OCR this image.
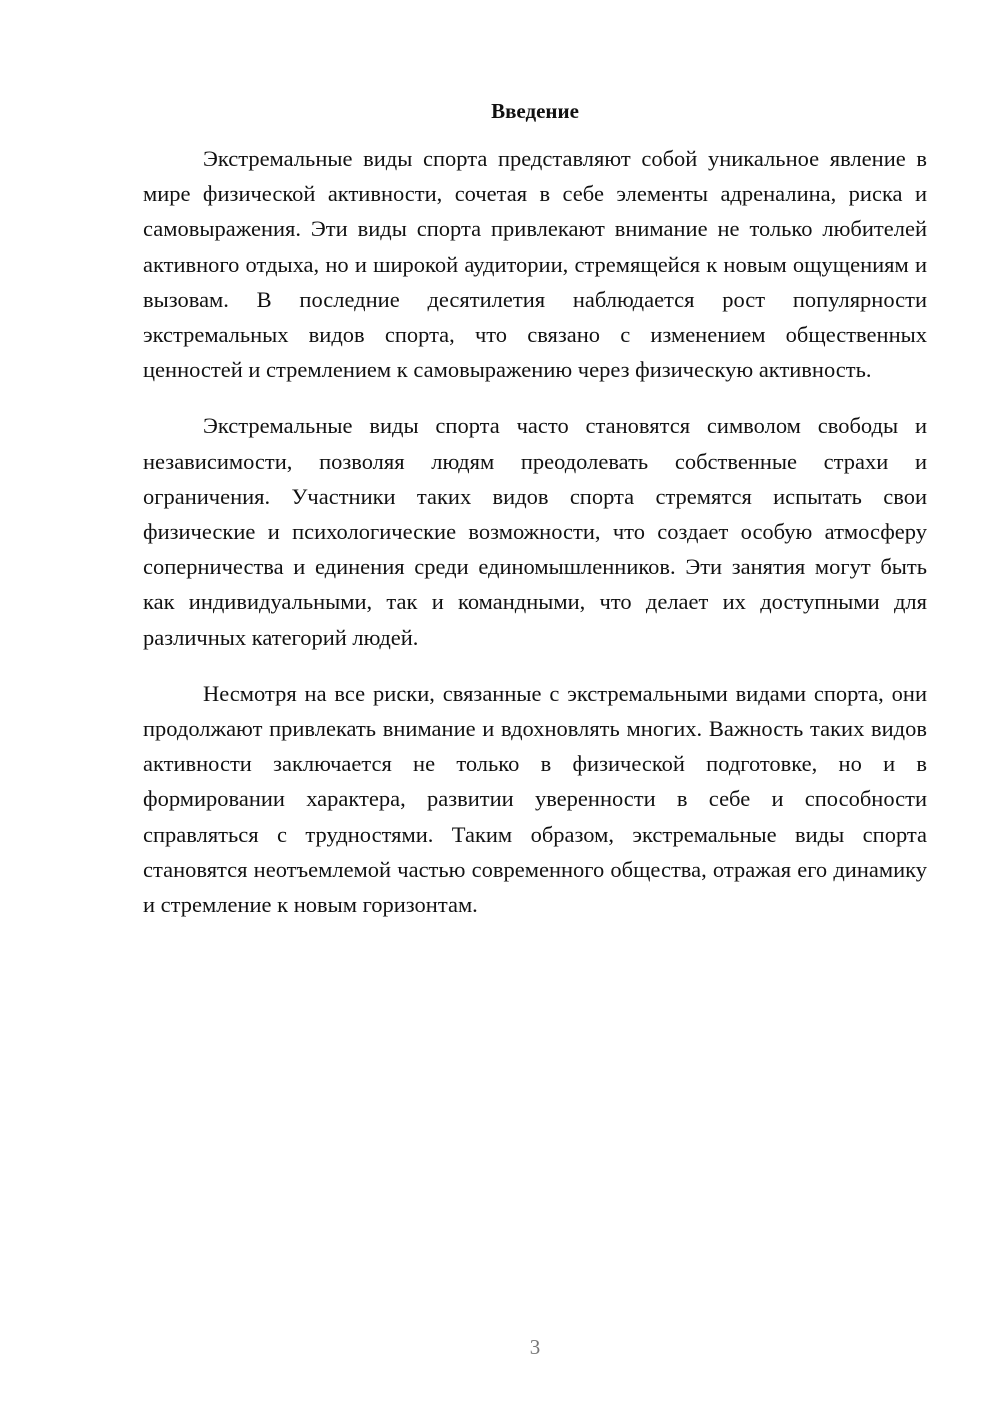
Введение

Экстремальные виды спорта представляют собой уникальное явление в мире физической активности, сочетая в себе элементы адреналина, риска и самовыражения. Эти виды спорта привлекают внимание не только любителей активного отдыха, но и широкой аудитории, стремящейся к новым ощущениям и вызовам. В последние десятилетия наблюдается рост популярности экстремальных видов спорта, что связано с изменением общественных ценностей и стремлением к самовыражению через физическую активность.

Экстремальные виды спорта часто становятся символом свободы и независимости, позволяя людям преодолевать собственные страхи и ограничения. Участники таких видов спорта стремятся испытать свои физические и психологические возможности, что создает особую атмосферу соперничества и единения среди единомышленников. Эти занятия могут быть как индивидуальными, так и командными, что делает их доступными для различных категорий людей.

Несмотря на все риски, связанные с экстремальными видами спорта, они продолжают привлекать внимание и вдохновлять многих. Важность таких видов активности заключается не только в физической подготовке, но и в формировании характера, развитии уверенности в себе и способности справляться с трудностями. Таким образом, экстремальные виды спорта становятся неотъемлемой частью современного общества, отражая его динамику и стремление к новым горизонтам.

3
